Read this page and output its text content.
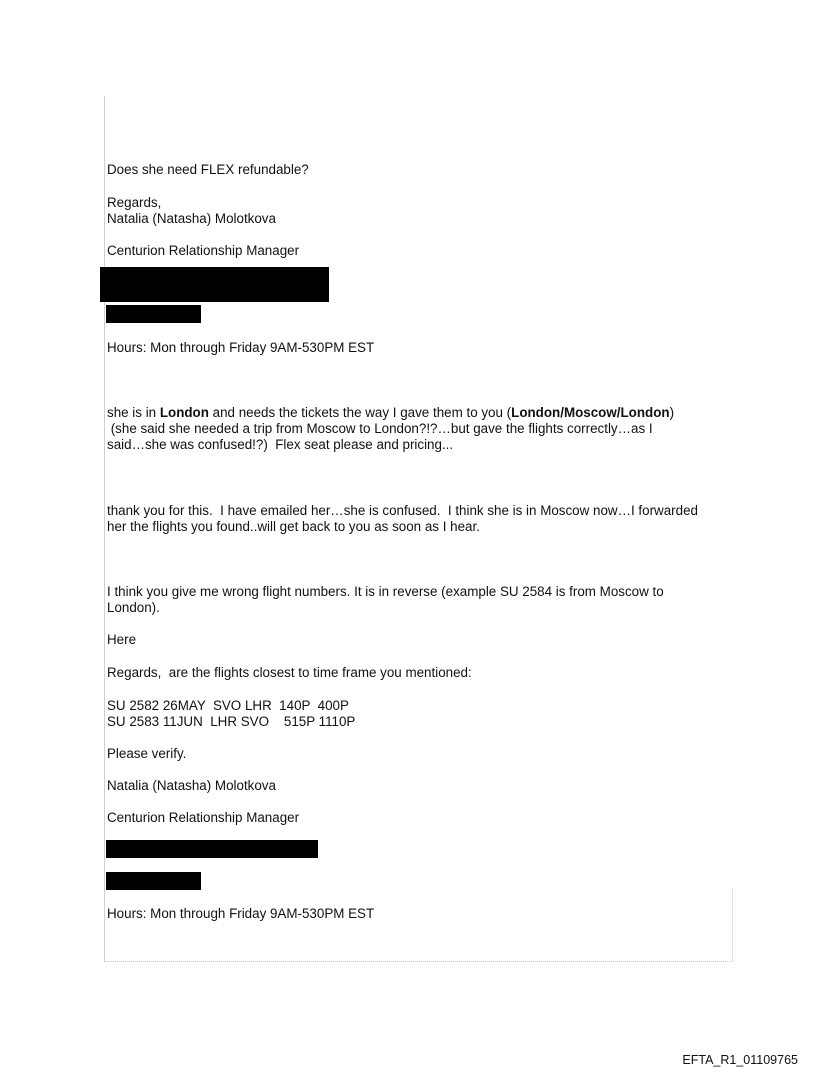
Does she need FLEX refundable?
Regards,
Natalia (Natasha) Molotkova
Centurion Relationship Manager
Hours: Mon through Friday 9AM-530PM EST
she is in London and needs the tickets the way I gave them to you (London/Moscow/London)
(she said she needed a trip from Moscow to London?!?…but gave the flights correctly…as I
said…she was confused!?)  Flex seat please and pricing...
thank you for this.  I have emailed her…she is confused.  I think she is in Moscow now…I forwarded
her the flights you found..will get back to you as soon as I hear.
I think you give me wrong flight numbers. It is in reverse (example SU 2584 is from Moscow to
London).
Here
Regards,  are the flights closest to time frame you mentioned:
SU 2582 26MAY  SVO LHR  140P  400P
SU 2583 11JUN  LHR SVO    515P 1110P
Please verify.
Natalia (Natasha) Molotkova
Centurion Relationship Manager
Hours: Mon through Friday 9AM-530PM EST
EFTA_R1_01109765
